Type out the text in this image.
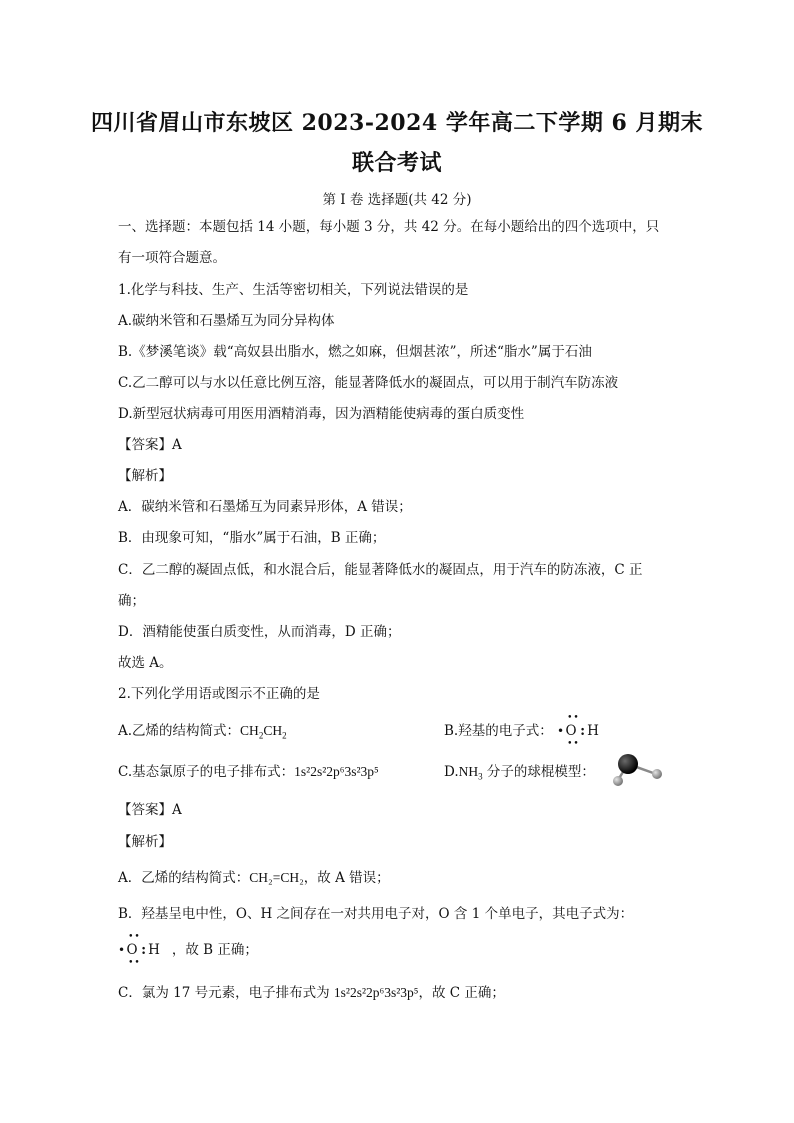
四川省眉山市东坡区 2023-2024 学年高二下学期 6 月期末
联合考试
第 I 卷 选择题(共 42 分)
一、选择题：本题包括 14 小题，每小题 3 分，共 42 分。在每小题给出的四个选项中，只
有一项符合题意。
1.化学与科技、生产、生活等密切相关，下列说法错误的是
A.碳纳米管和石墨烯互为同分异构体
B.《梦溪笔谈》载“高奴县出脂水，燃之如麻，但烟甚浓”，所述“脂水”属于石油
C.乙二醇可以与水以任意比例互溶，能显著降低水的凝固点，可以用于制汽车防冻液
D.新型冠状病毒可用医用酒精消毒，因为酒精能使病毒的蛋白质变性
【答案】A
【解析】
A．碳纳米管和石墨烯互为同素异形体，A 错误；
B．由现象可知，“脂水”属于石油，B 正确；
C．乙二醇的凝固点低，和水混合后，能显著降低水的凝固点，用于汽车的防冻液，C 正
确；
D．酒精能使蛋白质变性，从而消毒，D 正确；
故选 A。
2.下列化学用语或图示不正确的是
A.乙烯的结构简式：$CH_2CH_2$	B.羟基的电子式： •
••
O
••
: H
C.基态氯原子的电子排布式：1s²2s²2p⁶3s²3p⁵	$D.NH_3$ 分子的球棍模型：
【答案】A
【解析】
A．乙烯的结构简式：CH₂=CH₂，故 A 错误；
B．羟基呈电中性，O、H 之间存在一对共用电子对，O 含 1 个单电子，其电子式为：
•
••
O
••
: H ，故 B 正确；
C．氯为 17 号元素，电子排布式为 1s²2s²2p⁶3s²3p⁵，故 C 正确；
